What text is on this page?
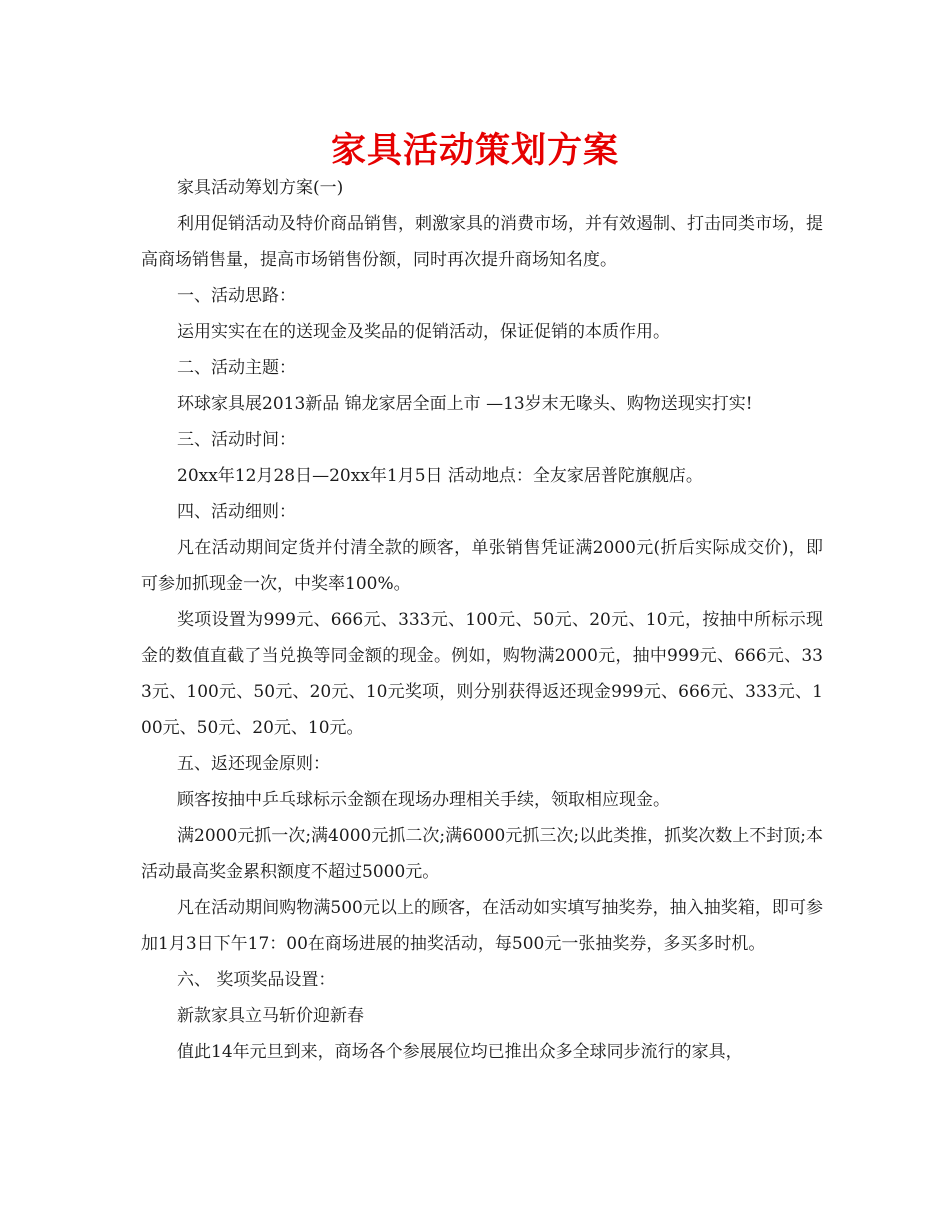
家具活动策划方案

家具活动筹划方案(一)

利用促销活动及特价商品销售，刺激家具的消费市场，并有效遏制、打击同类市场，提高商场销售量，提高市场销售份额，同时再次提升商场知名度。

一、活动思路：

运用实实在在的送现金及奖品的促销活动，保证促销的本质作用。

二、活动主题：

环球家具展2013新品 锦龙家居全面上市 —13岁末无喙头、购物送现实打实!

三、活动时间：

20xx年12月28日—20xx年1月5日 活动地点：全友家居普陀旗舰店。

四、活动细则：

凡在活动期间定货并付清全款的顾客，单张销售凭证满2000元(折后实际成交价)，即可参加抓现金一次，中奖率100%。

奖项设置为999元、666元、333元、100元、50元、20元、10元，按抽中所标示现金的数值直截了当兑换等同金额的现金。例如，购物满2000元，抽中999元、666元、333元、100元、50元、20元、10元奖项，则分别获得返还现金999元、666元、333元、100元、50元、20元、10元。

五、返还现金原则：

顾客按抽中乒乓球标示金额在现场办理相关手续，领取相应现金。

满2000元抓一次;满4000元抓二次;满6000元抓三次;以此类推，抓奖次数上不封顶;本活动最高奖金累积额度不超过5000元。

凡在活动期间购物满500元以上的顾客，在活动如实填写抽奖券，抽入抽奖箱，即可参加1月3日下午17：00在商场进展的抽奖活动，每500元一张抽奖券，多买多时机。

六、 奖项奖品设置：

新款家具立马斩价迎新春

值此14年元旦到来，商场各个参展展位均已推出众多全球同步流行的家具，
